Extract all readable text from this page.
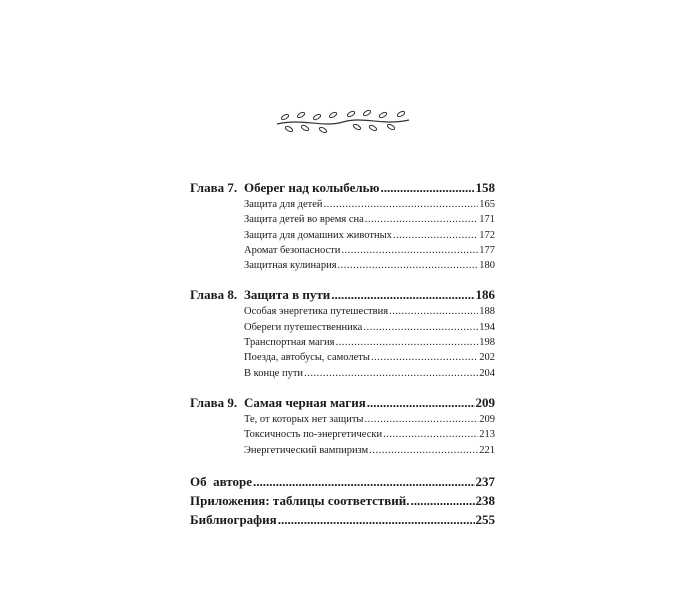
Глава 7. Оберег над колыбелью .....	158
Защита для детей .....	165
Защита детей во время сна .....	171
Защита для домашних животных .....	172
Аромат безопасности .....	177
Защитная кулинария .....	180
Глава 8. Защита в пути .....	186
Особая энергетика путешествия .....	188
Обереги путешественника .....	194
Транспортная магия .....	198
Поезда, автобусы, самолеты .....	202
В конце пути .....	204
Глава 9. Самая черная магия .....	209
Те, от которых нет защиты .....	209
Токсичность по-энергетически .....	213
Энергетический вампиризм .....	221
Об  авторе .....	237
Приложения: таблицы соответствий. .....	238
Библиография .....	255
